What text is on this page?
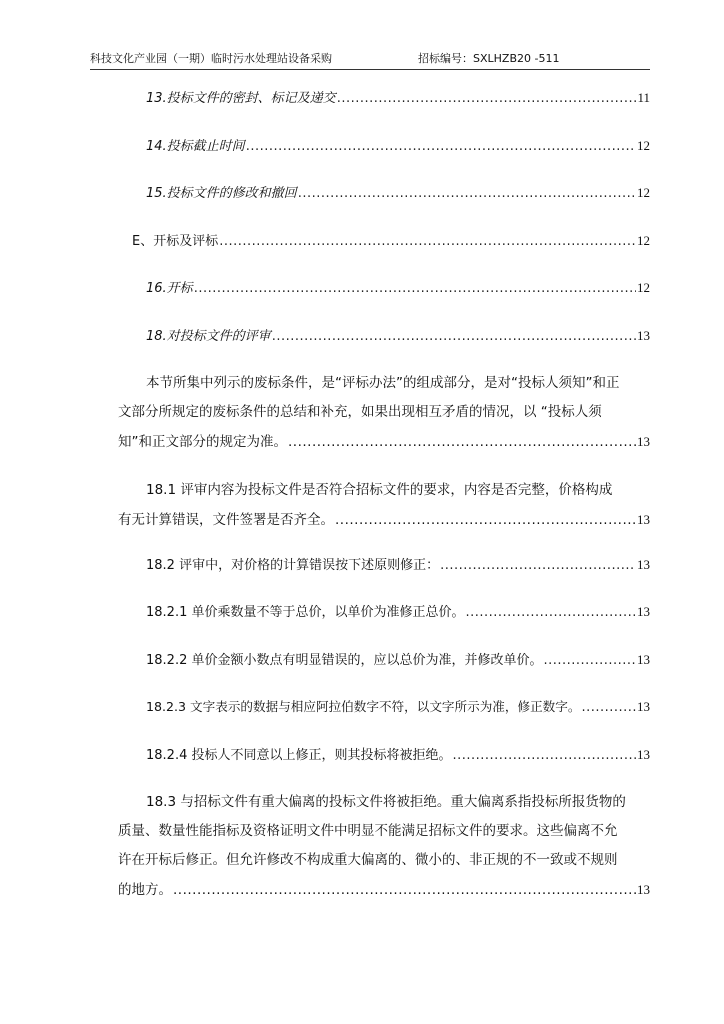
科技文化产业园（一期）临时污水处理站设备采购	招标编号：SXLHZB20 -511
13.投标文件的密封、标记及递交 .....	11
14.投标截止时间 .....	12
15.投标文件的修改和撤回 .....	12
E、开标及评标 .....	12
16.开标 .....	12
18.对投标文件的评审 .....	13
本节所集中列示的废标条件，是“评标办法”的组成部分，是对“投标人须知”和正
文部分所规定的废标条件的总结和补充，如果出现相互矛盾的情况，以 “投标人须
知”和正文部分的规定为准。 .....	13
18.1 评审内容为投标文件是否符合招标文件的要求，内容是否完整，价格构成
有无计算错误，文件签署是否齐全。 .....	13
18.2 评审中，对价格的计算错误按下述原则修正： .....	13
18.2.1 单价乘数量不等于总价，以单价为准修正总价。 .....	13
18.2.2 单价金额小数点有明显错误的，应以总价为准，并修改单价。 .....	13
18.2.3 文字表示的数据与相应阿拉伯数字不符，以文字所示为准，修正数字。 .....	13
18.2.4 投标人不同意以上修正，则其投标将被拒绝。 .....	13
18.3 与招标文件有重大偏离的投标文件将被拒绝。重大偏离系指投标所报货物的
质量、数量性能指标及资格证明文件中明显不能满足招标文件的要求。这些偏离不允
许在开标后修正。但允许修改不构成重大偏离的、微小的、非正规的不一致或不规则
的地方。 .....	13
